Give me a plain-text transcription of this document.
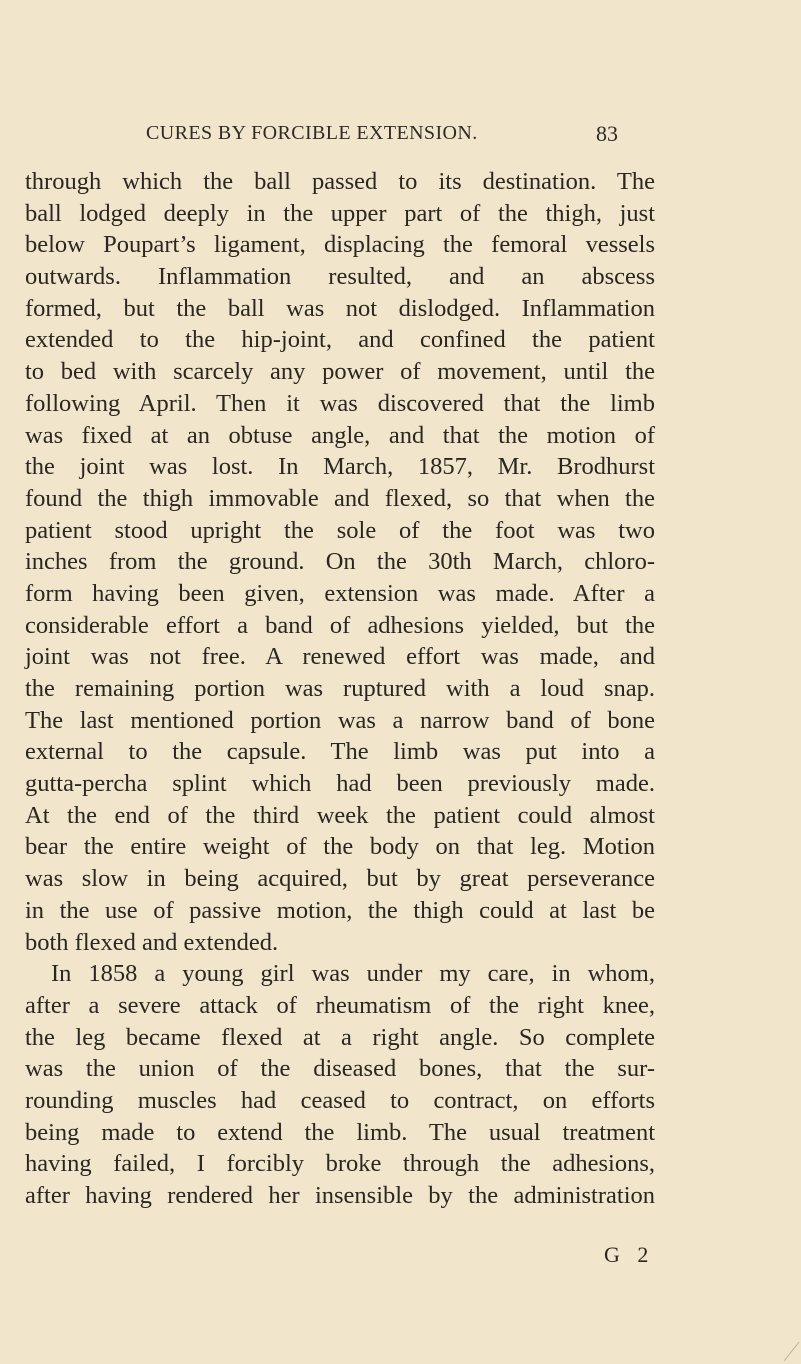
CURES BY FORCIBLE EXTENSION.	83
through which the ball passed to its destination. The
ball lodged deeply in the upper part of the thigh, just
below Poupart’s ligament, displacing the femoral vessels
outwards. Inflammation resulted, and an abscess
formed, but the ball was not dislodged. Inflammation
extended to the hip-joint, and confined the patient
to bed with scarcely any power of movement, until the
following April. Then it was discovered that the limb
was fixed at an obtuse angle, and that the motion of
the joint was lost. In March, 1857, Mr. Brodhurst
found the thigh immovable and flexed, so that when the
patient stood upright the sole of the foot was two
inches from the ground. On the 30th March, chloro-
form having been given, extension was made. After a
considerable effort a band of adhesions yielded, but the
joint was not free. A renewed effort was made, and
the remaining portion was ruptured with a loud snap.
The last mentioned portion was a narrow band of bone
external to the capsule. The limb was put into a
gutta-percha splint which had been previously made.
At the end of the third week the patient could almost
bear the entire weight of the body on that leg. Motion
was slow in being acquired, but by great perseverance
in the use of passive motion, the thigh could at last be
both flexed and extended.
In 1858 a young girl was under my care, in whom,
after a severe attack of rheumatism of the right knee,
the leg became flexed at a right angle. So complete
was the union of the diseased bones, that the sur-
rounding muscles had ceased to contract, on efforts
being made to extend the limb. The usual treatment
having failed, I forcibly broke through the adhesions,
after having rendered her insensible by the administration
G 2
